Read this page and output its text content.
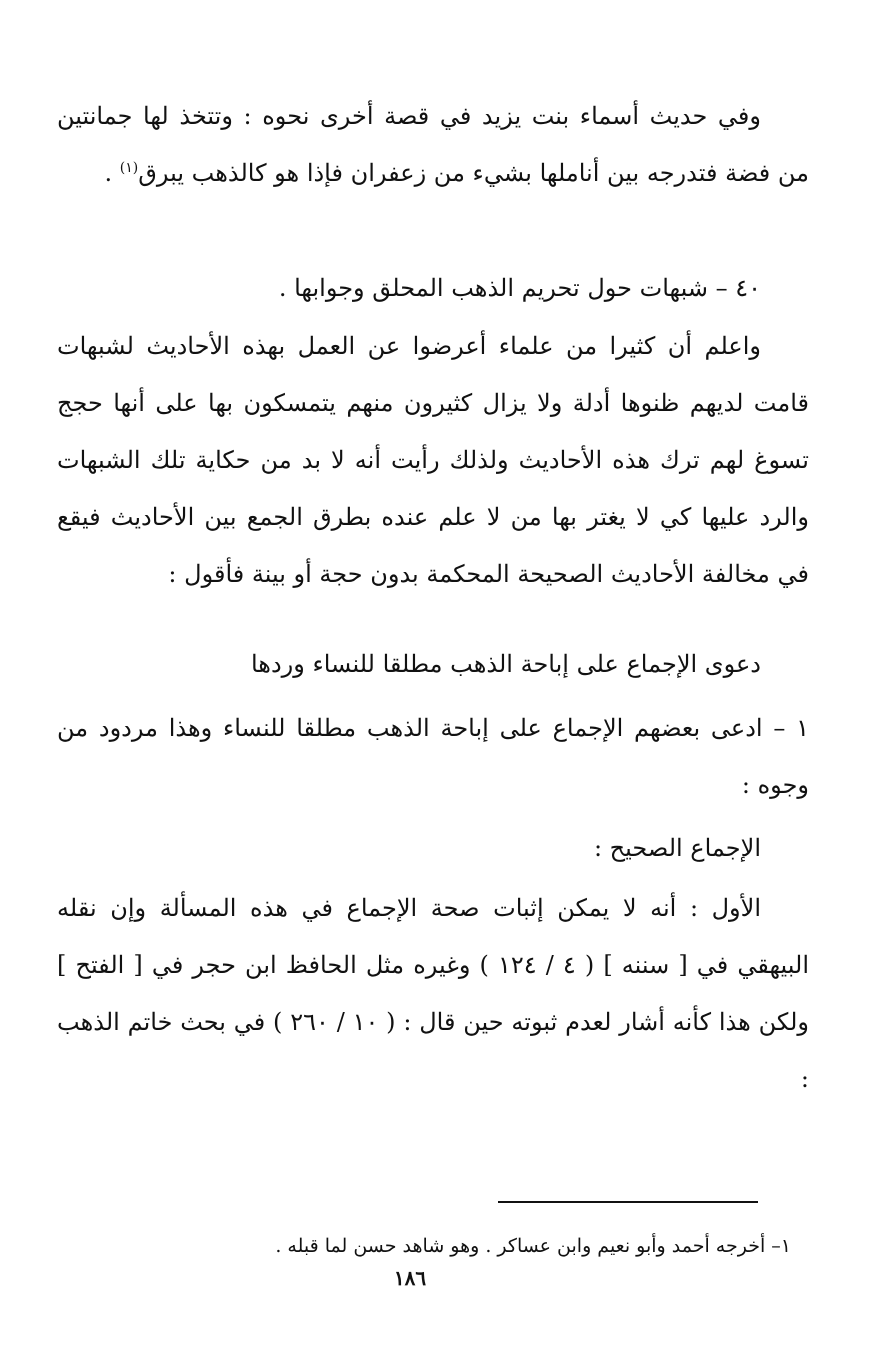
وفي حديث أسماء بنت يزيد في قصة أخرى نحوه : وتتخذ لها جمانتين من فضة فتدرجه بين أناملها بشيء من زعفران فإذا هو كالذهب يبرق$^{(١)}$ .

٤٠ – شبهات حول تحريم الذهب المحلق وجوابها .

واعلم أن كثيرا من علماء أعرضوا عن العمل بهذه الأحاديث لشبهات قامت لديهم ظنوها أدلة ولا يزال كثيرون منهم يتمسكون بها على أنها حجج تسوغ لهم ترك هذه الأحاديث ولذلك رأيت أنه لا بد من حكاية تلك الشبهات والرد عليها كي لا يغتر بها من لا علم عنده بطرق الجمع بين الأحاديث فيقع في مخالفة الأحاديث الصحيحة المحكمة بدون حجة أو بينة فأقول :

دعوى الإجماع على إباحة الذهب مطلقا للنساء وردها

١ – ادعى بعضهم الإجماع على إباحة الذهب مطلقا للنساء وهذا مردود من وجوه :

الإجماع الصحيح :

الأول : أنه لا يمكن إثبات صحة الإجماع في هذه المسألة وإن نقله البيهقي في [ سننه ] ( ٤ / ١٢٤ ) وغيره مثل الحافظ ابن حجر في [ الفتح ] ولكن هذا كأنه أشار لعدم ثبوته حين قال : ( ١٠ / ٢٦٠ ) في بحث خاتم الذهب :

١– أخرجه أحمد وأبو نعيم وابن عساكر . وهو شاهد حسن لما قبله .
١٨٦
